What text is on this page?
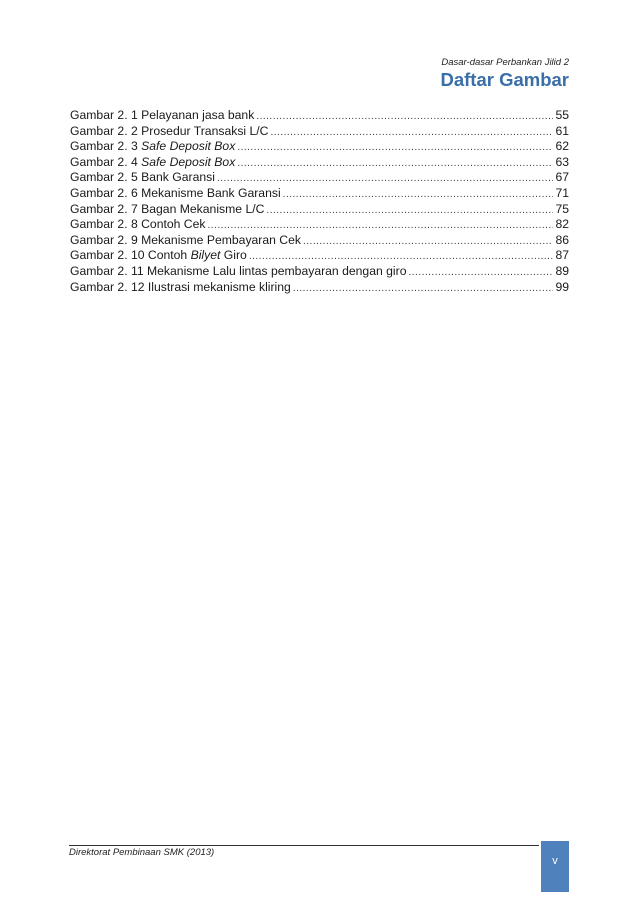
Dasar-dasar Perbankan Jilid 2
Daftar Gambar
Gambar 2. 1 Pelayanan jasa bank .....	55
Gambar 2. 2 Prosedur Transaksi L/C .....	61
Gambar 2. 3 Safe Deposit Box .....	62
Gambar 2. 4 Safe Deposit Box .....	63
Gambar 2. 5 Bank Garansi .....	67
Gambar 2. 6 Mekanisme Bank Garansi .....	71
Gambar 2. 7 Bagan Mekanisme L/C .....	75
Gambar 2. 8 Contoh Cek .....	82
Gambar 2. 9 Mekanisme Pembayaran Cek .....	86
Gambar 2. 10 Contoh Bilyet Giro .....	87
Gambar 2. 11 Mekanisme Lalu lintas pembayaran dengan giro .....	89
Gambar 2. 12 Ilustrasi mekanisme kliring .....	99
Direktorat Pembinaan SMK (2013)
v
